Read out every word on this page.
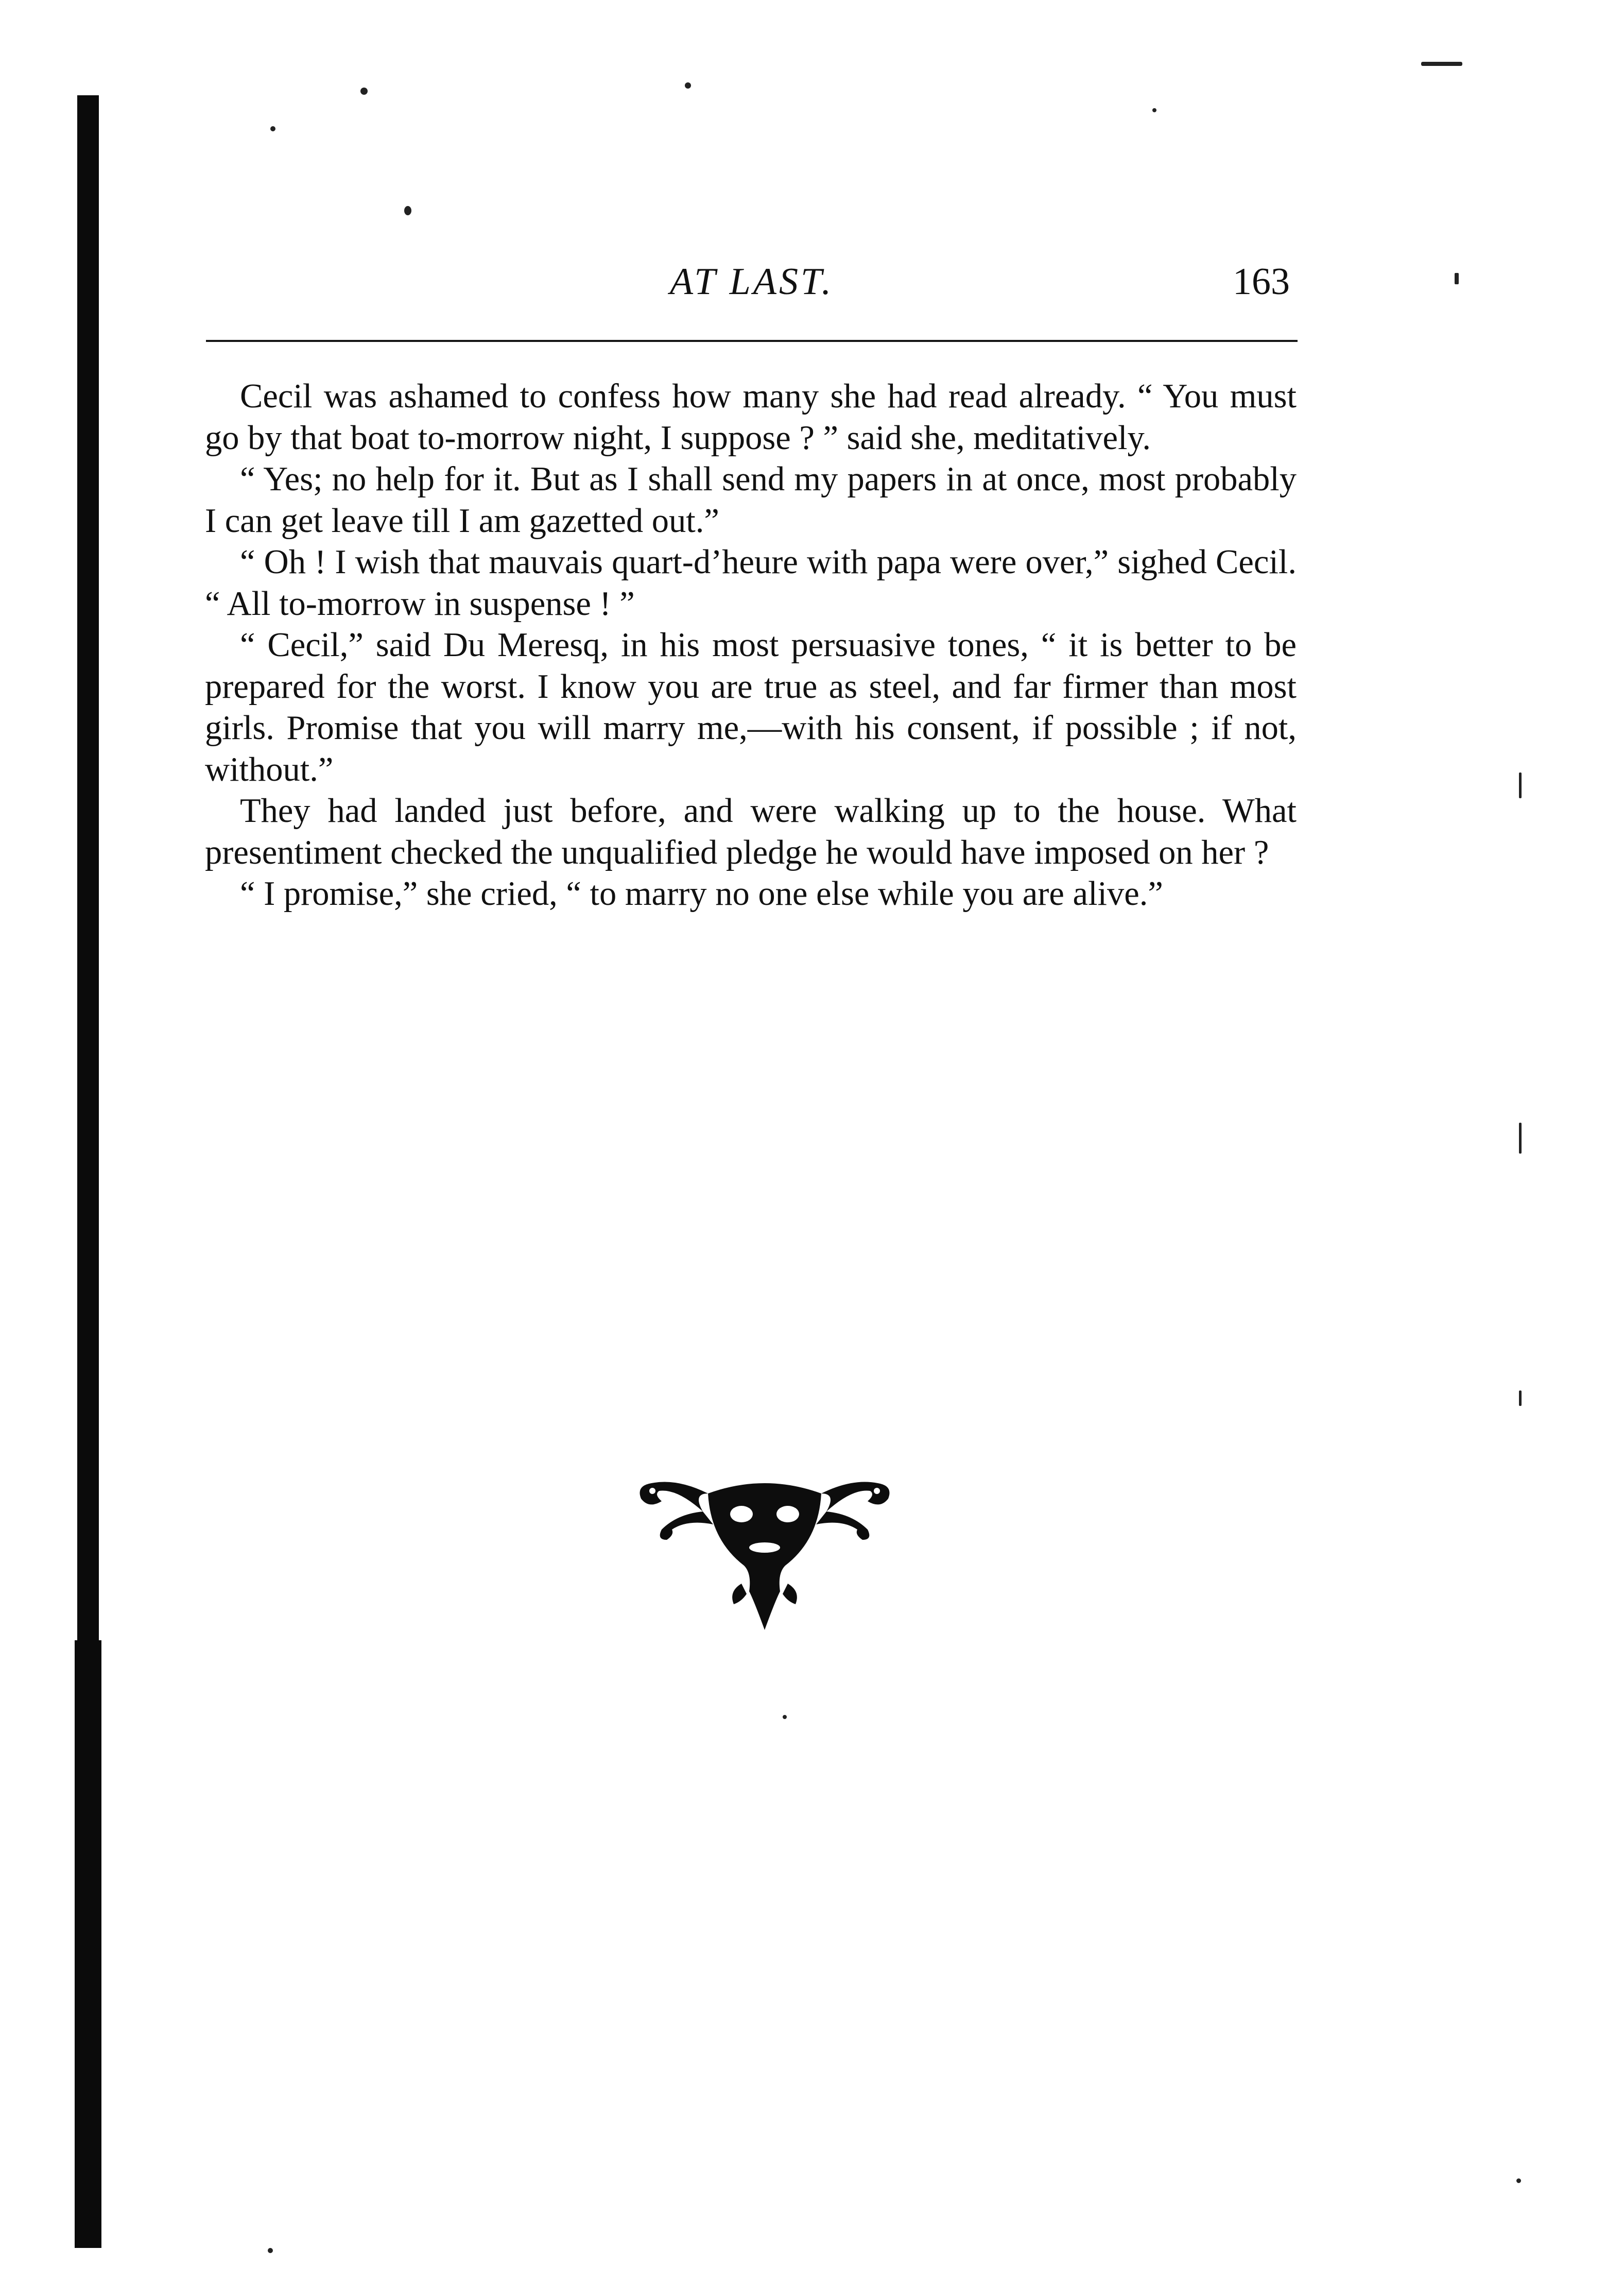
AT LAST.	163

Cecil was ashamed to confess how many she had read already. “ You must go by that boat to-morrow night, I suppose ? ” said she, meditatively.

“ Yes; no help for it. But as I shall send my papers in at once, most probably I can get leave till I am gazetted out.”

“ Oh ! I wish that mauvais quart-d’heure with papa were over,” sighed Cecil. “ All to-morrow in suspense ! ”

“ Cecil,” said Du Meresq, in his most persuasive tones, “ it is better to be prepared for the worst. I know you are true as steel, and far firmer than most girls. Promise that you will marry me,—with his consent, if possible ; if not, without.”

They had landed just before, and were walking up to the house. What presentiment checked the unqualified pledge he would have imposed on her ?

“ I promise,” she cried, “ to marry no one else while you are alive.”
